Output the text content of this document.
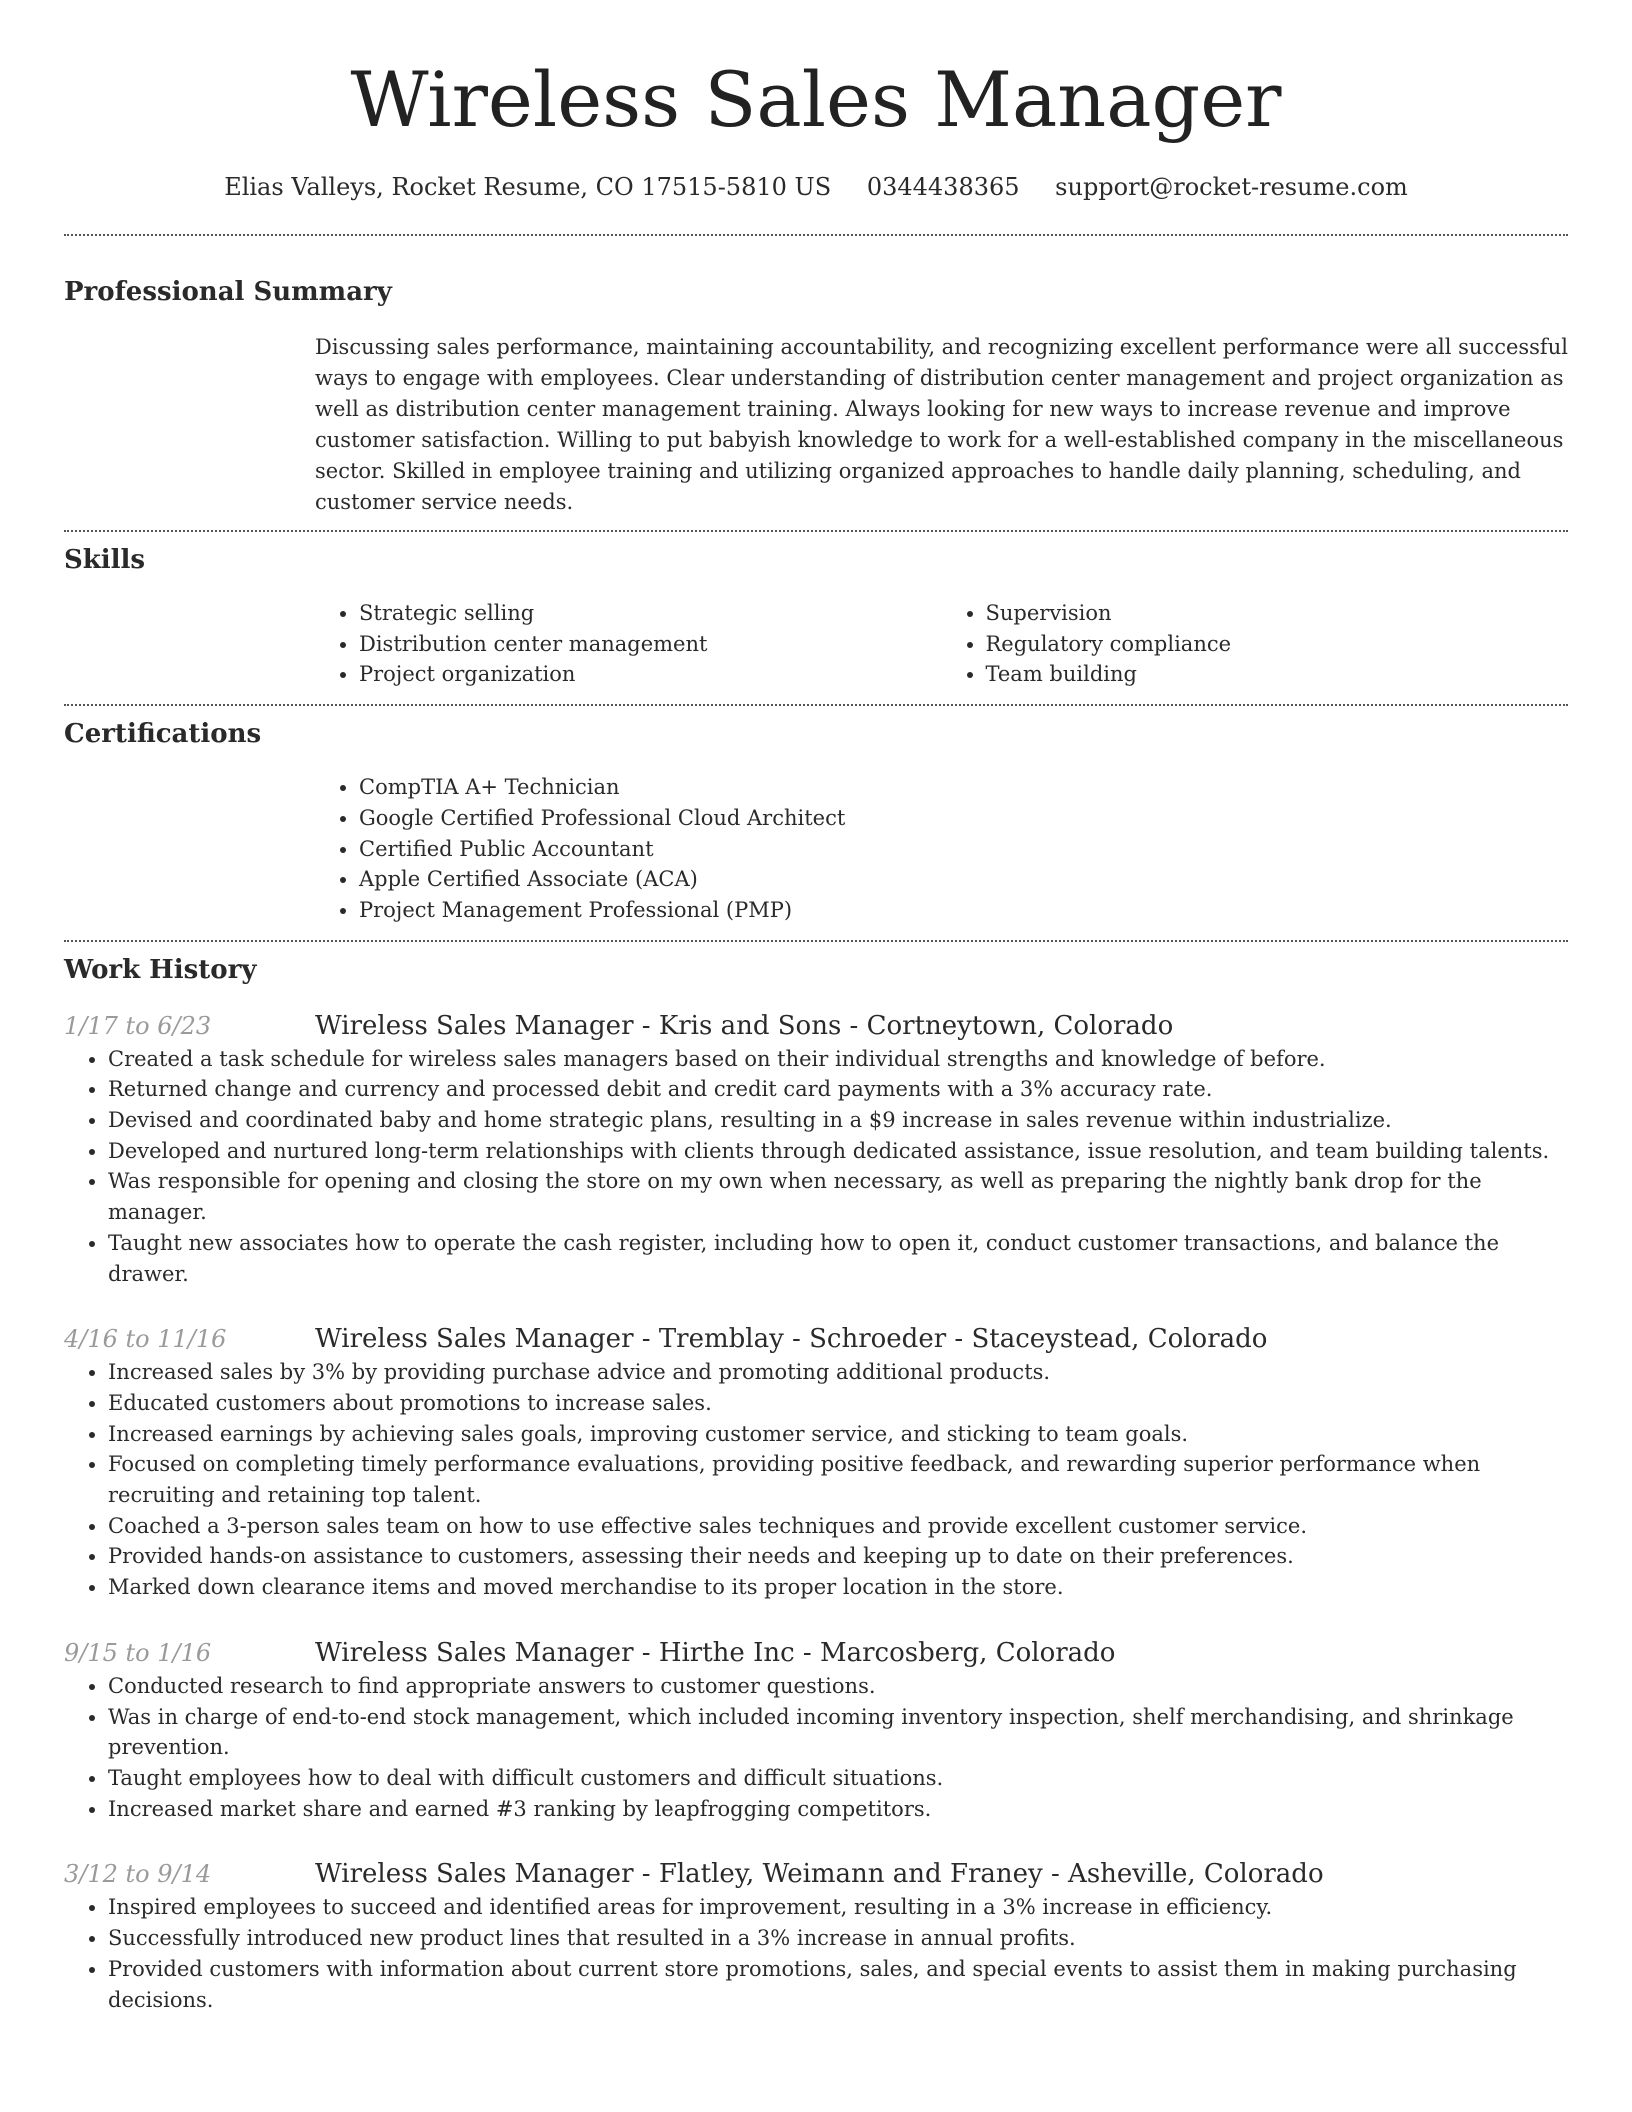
Wireless Sales Manager
Elias Valleys, Rocket Resume, CO 17515-5810 US 0344438365 support@rocket-resume.com
Professional Summary

Discussing sales performance, maintaining accountability, and recognizing excellent performance were all successful ways to engage with employees. Clear understanding of distribution center management and project organization as well as distribution center management training. Always looking for new ways to increase revenue and improve customer satisfaction. Willing to put babyish knowledge to work for a well-established company in the miscellaneous sector. Skilled in employee training and utilizing organized approaches to handle daily planning, scheduling, and customer service needs.

Skills
• Strategic selling
• Distribution center management
• Project organization
• Supervision
• Regulatory compliance
• Team building
Certifications
• CompTIA A+ Technician
• Google Certified Professional Cloud Architect
• Certified Public Accountant
• Apple Certified Associate (ACA)
• Project Management Professional (PMP)
Work History
1/17 to 6/23	Wireless Sales Manager - Kris and Sons - Cortneytown, Colorado
• Created a task schedule for wireless sales managers based on their individual strengths and knowledge of before.
• Returned change and currency and processed debit and credit card payments with a 3% accuracy rate.
• Devised and coordinated baby and home strategic plans, resulting in a $9 increase in sales revenue within industrialize.
• Developed and nurtured long-term relationships with clients through dedicated assistance, issue resolution, and team building talents.
• Was responsible for opening and closing the store on my own when necessary, as well as preparing the nightly bank drop for the manager.
• Taught new associates how to operate the cash register, including how to open it, conduct customer transactions, and balance the drawer.
4/16 to 11/16	Wireless Sales Manager - Tremblay - Schroeder - Staceystead, Colorado
• Increased sales by 3% by providing purchase advice and promoting additional products.
• Educated customers about promotions to increase sales.
• Increased earnings by achieving sales goals, improving customer service, and sticking to team goals.
• Focused on completing timely performance evaluations, providing positive feedback, and rewarding superior performance when recruiting and retaining top talent.
• Coached a 3-person sales team on how to use effective sales techniques and provide excellent customer service.
• Provided hands-on assistance to customers, assessing their needs and keeping up to date on their preferences.
• Marked down clearance items and moved merchandise to its proper location in the store.
9/15 to 1/16	Wireless Sales Manager - Hirthe Inc - Marcosberg, Colorado
• Conducted research to find appropriate answers to customer questions.
• Was in charge of end-to-end stock management, which included incoming inventory inspection, shelf merchandising, and shrinkage prevention.
• Taught employees how to deal with difficult customers and difficult situations.
• Increased market share and earned #3 ranking by leapfrogging competitors.
3/12 to 9/14	Wireless Sales Manager - Flatley, Weimann and Franey - Asheville, Colorado
• Inspired employees to succeed and identified areas for improvement, resulting in a 3% increase in efficiency.
• Successfully introduced new product lines that resulted in a 3% increase in annual profits.
• Provided customers with information about current store promotions, sales, and special events to assist them in making purchasing decisions.
